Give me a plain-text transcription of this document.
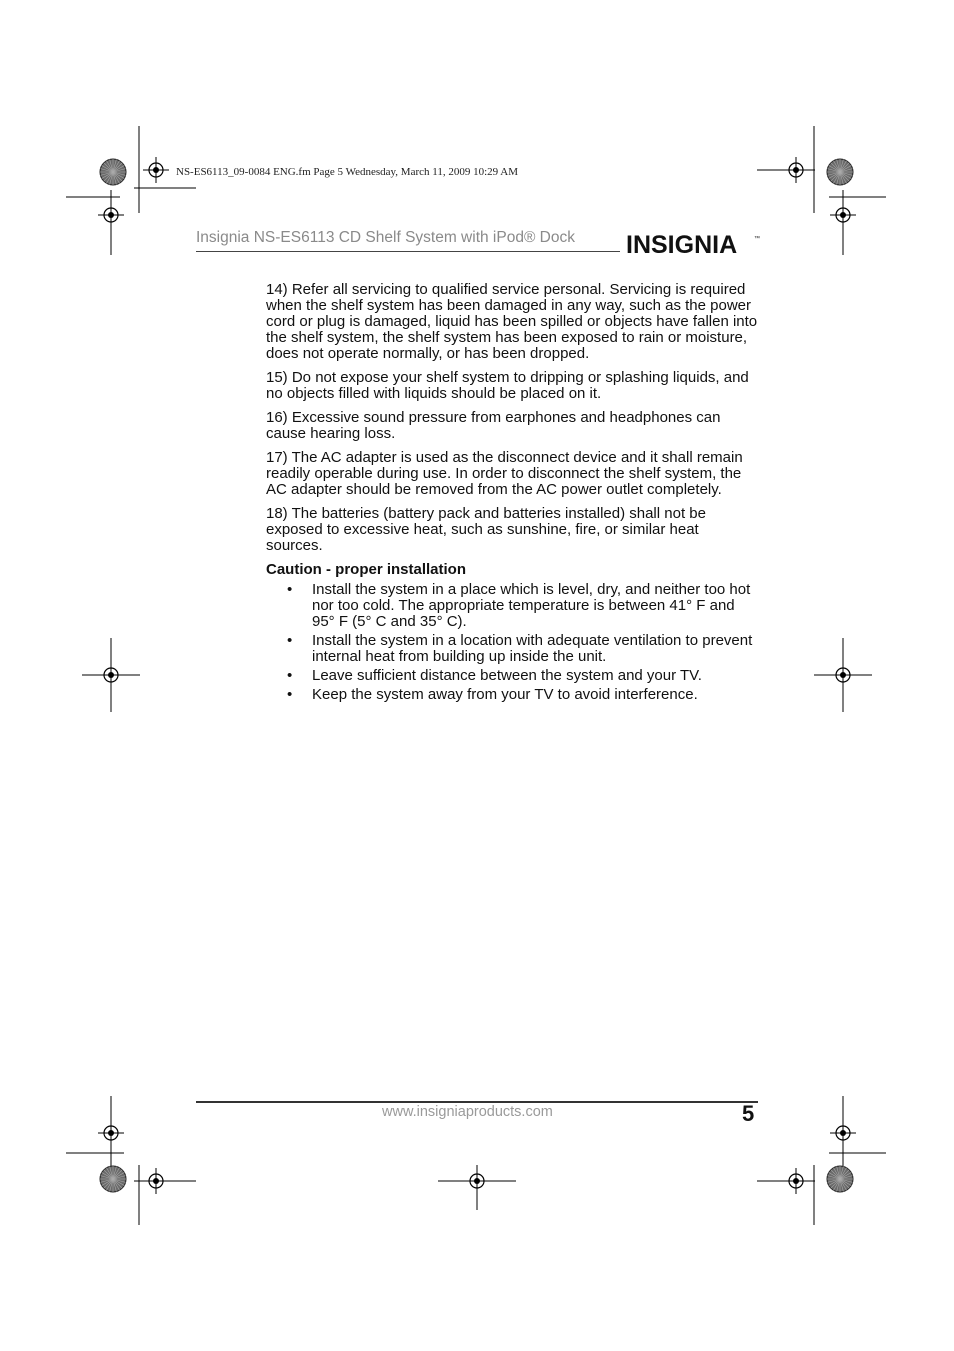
NS-ES6113_09-0084 ENG.fm Page 5 Wednesday, March 11, 2009 10:29 AM
Insignia NS-ES6113 CD Shelf System with iPod® Dock INSIGNIA	™

14) Refer all servicing to qualified service personal. Servicing is required when the shelf system has been damaged in any way, such as the power cord or plug is damaged, liquid has been spilled or objects have fallen into the shelf system, the shelf system has been exposed to rain or moisture, does not operate normally, or has been dropped.

15) Do not expose your shelf system to dripping or splashing liquids, and no objects filled with liquids should be placed on it.

16) Excessive sound pressure from earphones and headphones can cause hearing loss.

17) The AC adapter is used as the disconnect device and it shall remain readily operable during use. In order to disconnect the shelf system, the AC adapter should be removed from the AC power outlet completely.

18) The batteries (battery pack and batteries installed) shall not be exposed to excessive heat, such as sunshine, fire, or similar heat sources.

Caution - proper installation
• Install the system in a place which is level, dry, and neither too hot nor too cold. The appropriate temperature is between 41° F and 95° F (5° C and 35° C).
• Install the system in a location with adequate ventilation to prevent internal heat from building up inside the unit.
• Leave sufficient distance between the system and your TV.
• Keep the system away from your TV to avoid interference.
www.insigniaproducts.com	5
